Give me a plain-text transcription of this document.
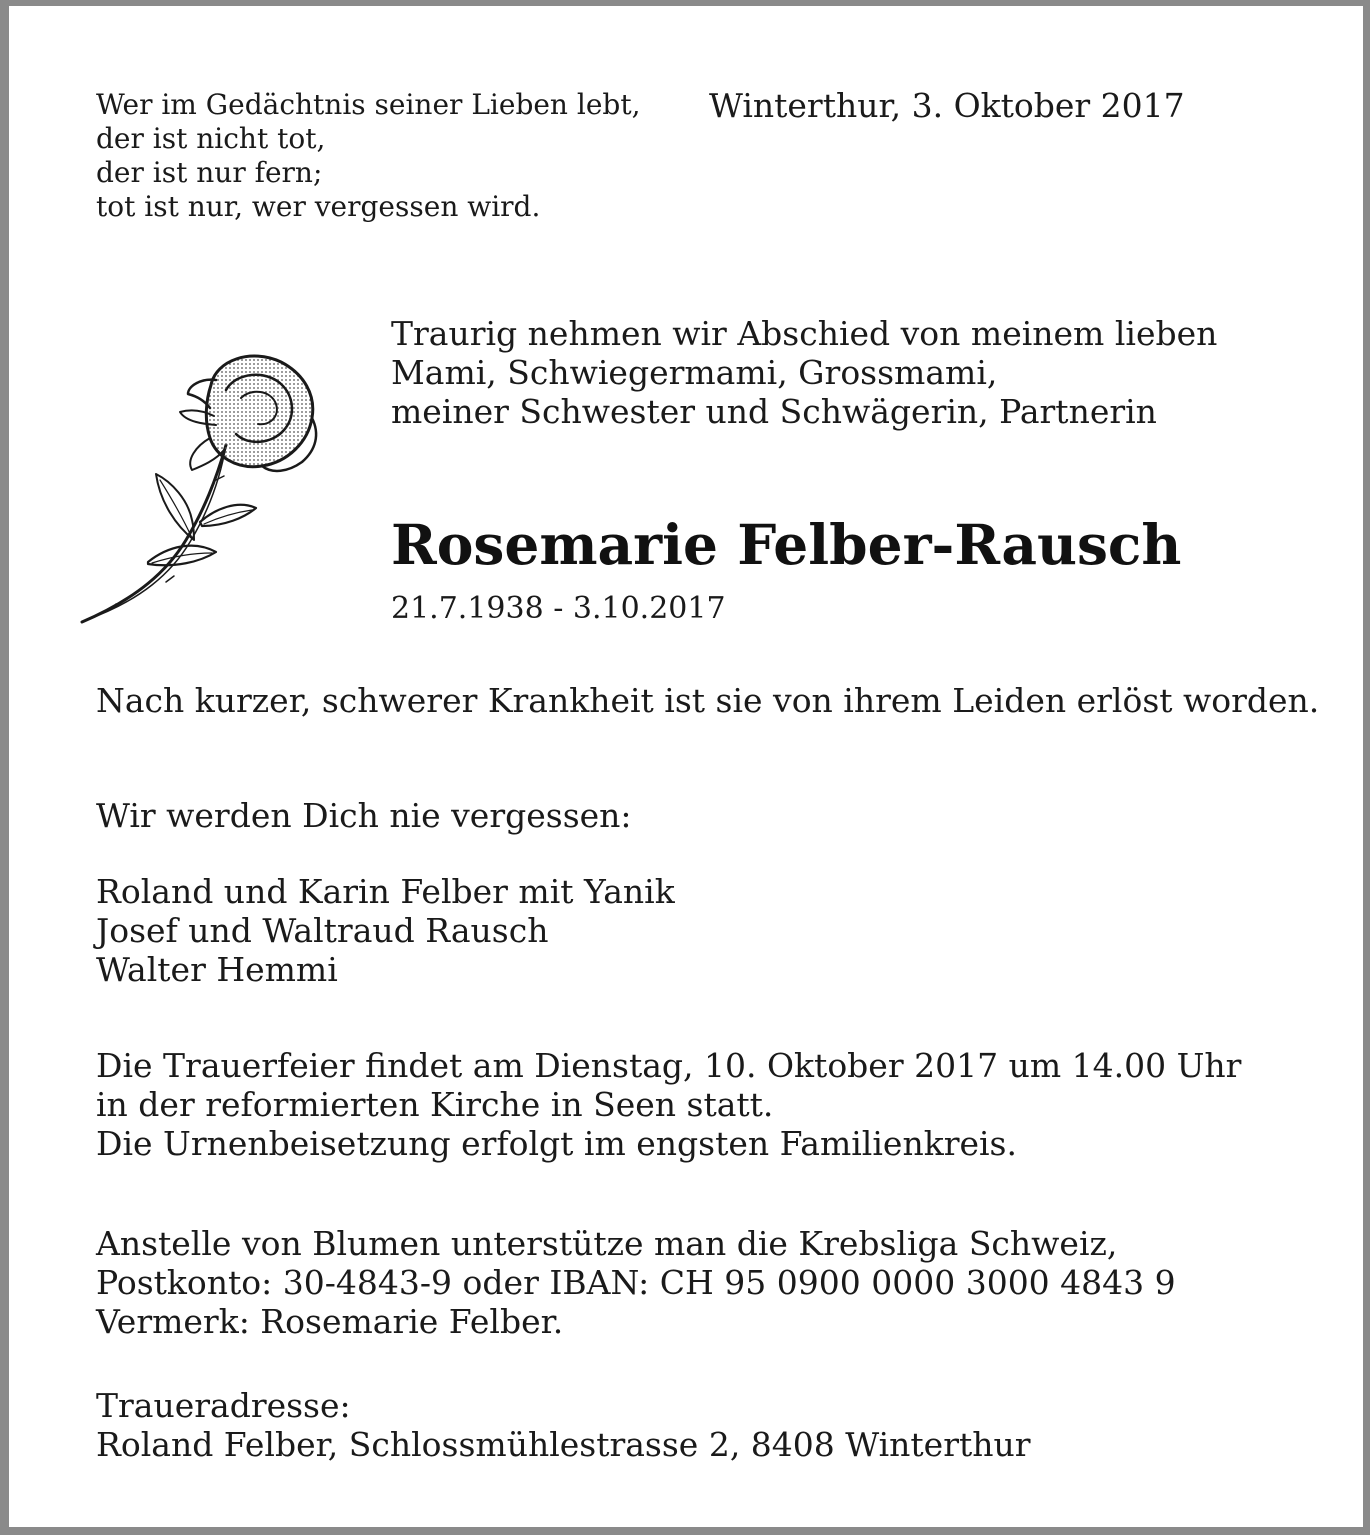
Wer im Gedächtnis seiner Lieben lebt,
der ist nicht tot,
der ist nur fern;
tot ist nur, wer vergessen wird.
Winterthur, 3. Oktober 2017
Traurig nehmen wir Abschied von meinem lieben
Mami, Schwiegermami, Grossmami,
meiner Schwester und Schwägerin, Partnerin
Rosemarie Felber-Rausch
21.7.1938 - 3.10.2017
Nach kurzer, schwerer Krankheit ist sie von ihrem Leiden erlöst worden.
Wir werden Dich nie vergessen:
Roland und Karin Felber mit Yanik
Josef und Waltraud Rausch
Walter Hemmi
Die Trauerfeier findet am Dienstag, 10. Oktober 2017 um 14.00 Uhr
in der reformierten Kirche in Seen statt.
Die Urnenbeisetzung erfolgt im engsten Familienkreis.
Anstelle von Blumen unterstütze man die Krebsliga Schweiz,
Postkonto: 30-4843-9 oder IBAN: CH 95 0900 0000 3000 4843 9
Vermerk: Rosemarie Felber.
Traueradresse:
Roland Felber, Schlossmühlestrasse 2, 8408 Winterthur
